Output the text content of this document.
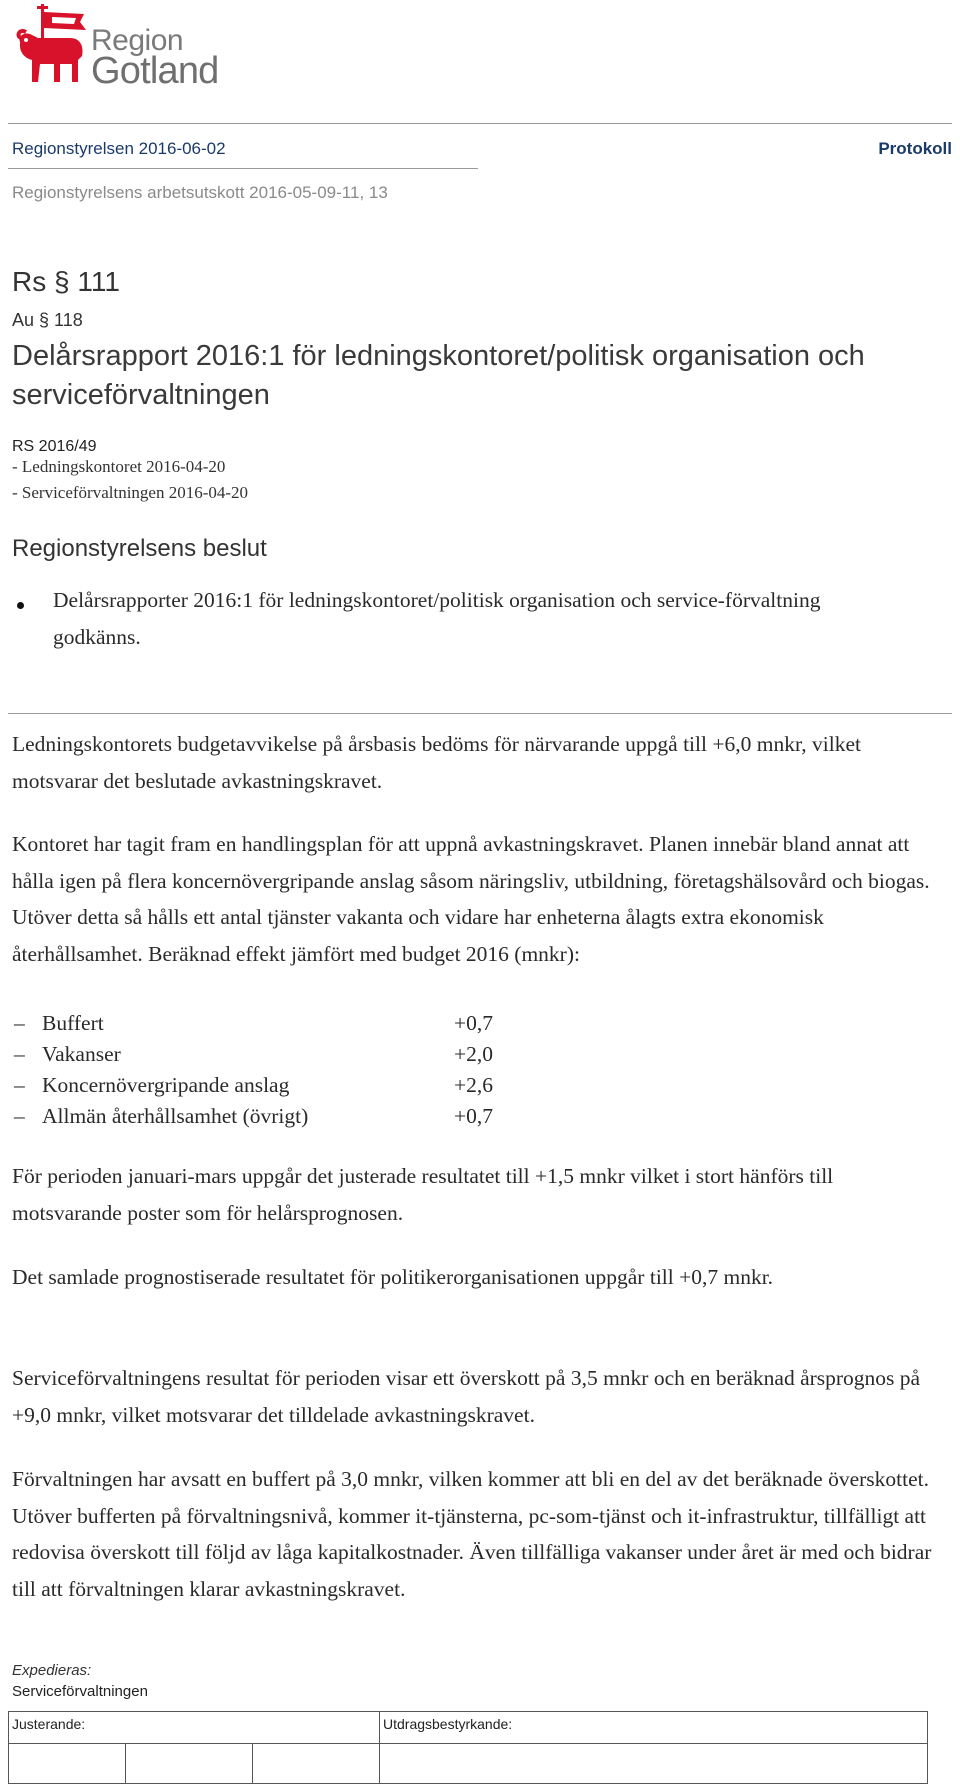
Region
Gotland
Regionstyrelsen 2016-06-02	Protokoll
Regionstyrelsens arbetsutskott 2016-05-09-11, 13
Rs § 111
Au § 118
Delårsrapport 2016:1 för ledningskontoret/politisk organisation och serviceförvaltningen
RS 2016/49
- Ledningskontoret 2016-04-20
- Serviceförvaltningen 2016-04-20
Regionstyrelsens beslut
Delårsrapporter 2016:1 för ledningskontoret/politisk organisation och service-förvaltning godkänns.
Ledningskontorets budgetavvikelse på årsbasis bedöms för närvarande uppgå till +6,0 mnkr, vilket motsvarar det beslutade avkastningskravet.
Kontoret har tagit fram en handlingsplan för att uppnå avkastningskravet. Planen innebär bland annat att hålla igen på flera koncernövergripande anslag såsom näringsliv, utbildning, företagshälsovård och biogas. Utöver detta så hålls ett antal tjänster vakanta och vidare har enheterna ålagts extra ekonomisk återhållsamhet. Beräknad effekt jämfört med budget 2016 (mnkr):
– Buffert	+0,7
– Vakanser	+2,0
– Koncernövergripande anslag	+2,6
– Allmän återhållsamhet (övrigt)	+0,7
För perioden januari-mars uppgår det justerade resultatet till +1,5 mnkr vilket i stort hänförs till motsvarande poster som för helårsprognosen.
Det samlade prognostiserade resultatet för politikerorganisationen uppgår till +0,7 mnkr.
Serviceförvaltningens resultat för perioden visar ett överskott på 3,5 mnkr och en beräknad årsprognos på +9,0 mnkr, vilket motsvarar det tilldelade avkastningskravet.
Förvaltningen har avsatt en buffert på 3,0 mnkr, vilken kommer att bli en del av det beräknade överskottet. Utöver bufferten på förvaltningsnivå, kommer it-tjänsterna, pc-som-tjänst och it-infrastruktur, tillfälligt att redovisa överskott till följd av låga kapitalkostnader. Även tillfälliga vakanser under året är med och bidrar till att förvaltningen klarar avkastningskravet.
Expedieras:
Serviceförvaltningen
Justerande:			Utdragsbestyrkande:
